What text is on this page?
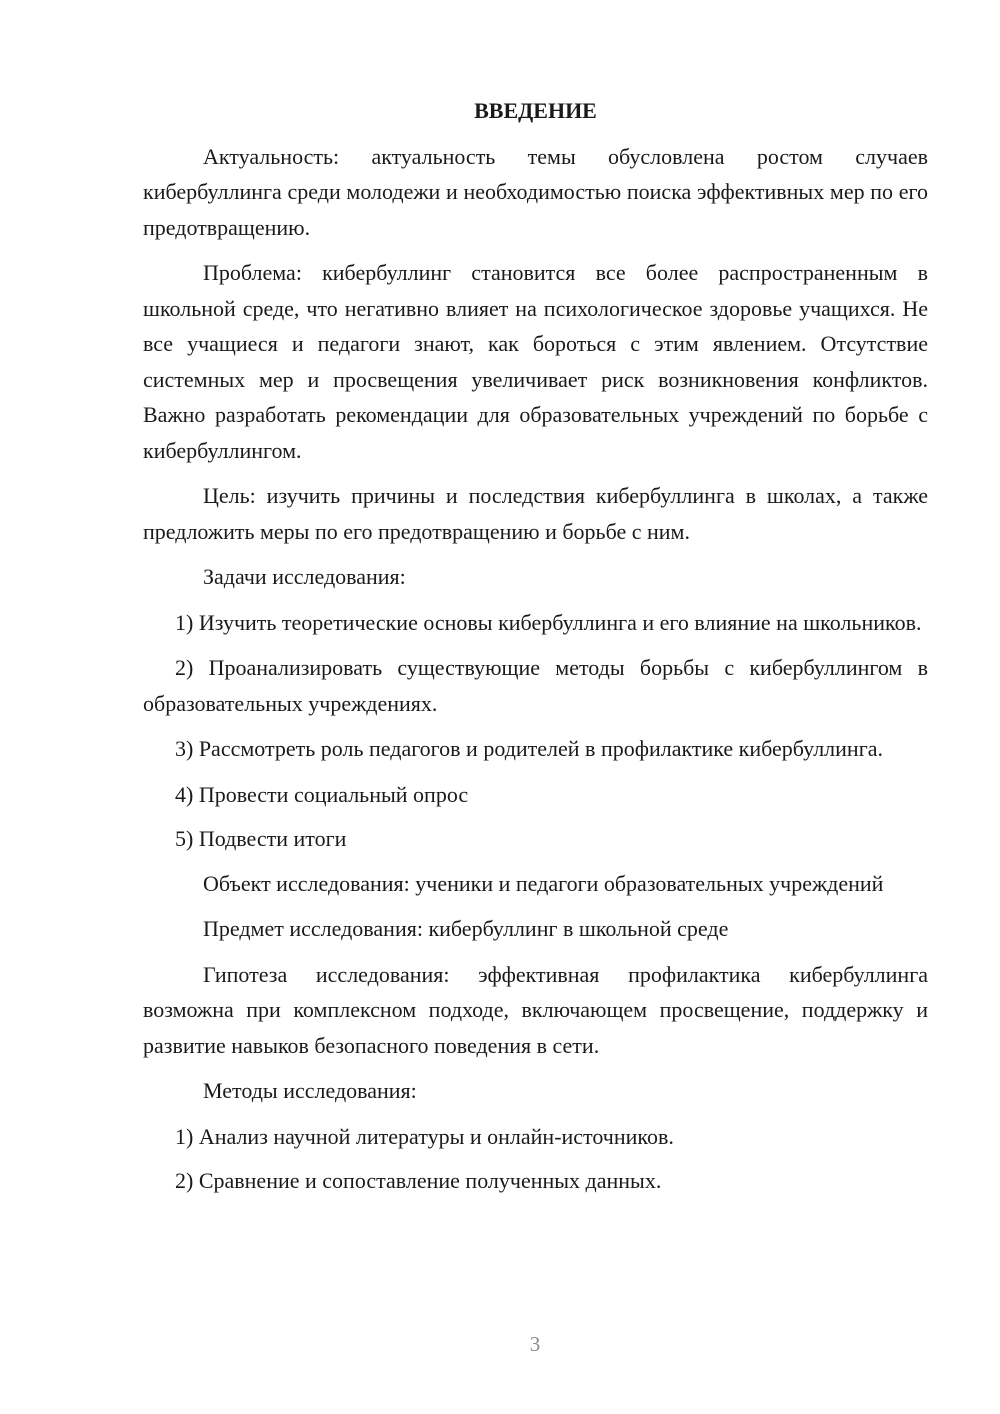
ВВЕДЕНИЕ

Актуальность: актуальность темы обусловлена ростом случаев кибербуллинга среди молодежи и необходимостью поиска эффективных мер по его предотвращению.

Проблема: кибербуллинг становится все более распространенным в школьной среде, что негативно влияет на психологическое здоровье учащихся. Не все учащиеся и педагоги знают, как бороться с этим явлением. Отсутствие системных мер и просвещения увеличивает риск возникновения конфликтов. Важно разработать рекомендации для образовательных учреждений по борьбе с кибербуллингом.

Цель: изучить причины и последствия кибербуллинга в школах, а также предложить меры по его предотвращению и борьбе с ним.

Задачи исследования:

1) Изучить теоретические основы кибербуллинга и его влияние на школьников.

2) Проанализировать существующие методы борьбы с кибербуллингом в образовательных учреждениях.

3) Рассмотреть роль педагогов и родителей в профилактике кибербуллинга.

4) Провести социальный опрос

5) Подвести итоги

Объект исследования: ученики и педагоги образовательных учреждений

Предмет исследования: кибербуллинг в школьной среде

Гипотеза исследования: эффективная профилактика кибербуллинга возможна при комплексном подходе, включающем просвещение, поддержку и развитие навыков безопасного поведения в сети.

Методы исследования:

1) Анализ научной литературы и онлайн-источников.

2) Сравнение и сопоставление полученных данных.

3
